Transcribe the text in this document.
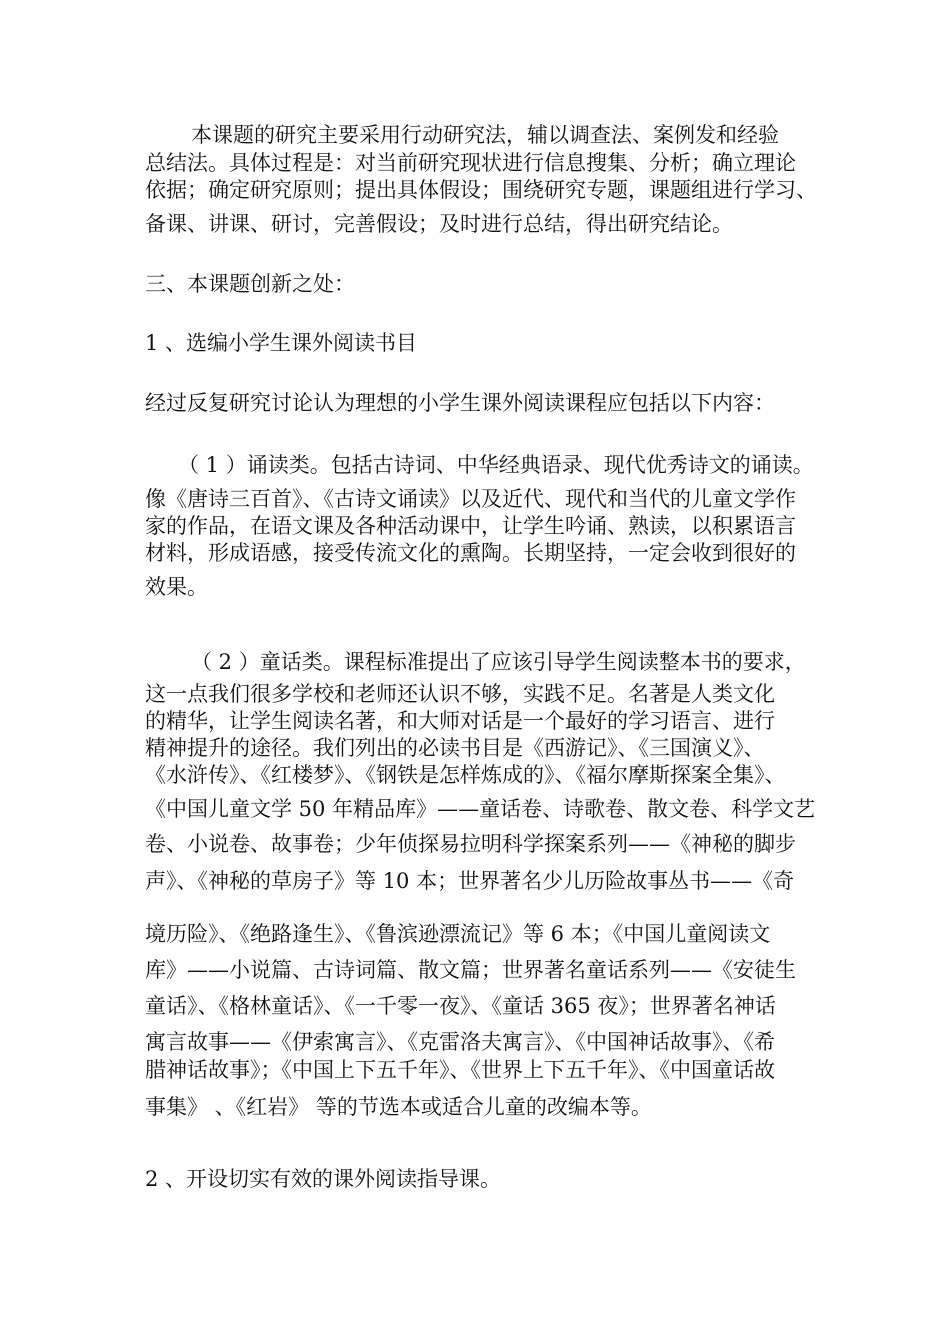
本课题的研究主要采用行动研究法，辅以调查法、案例发和经验
总结法。具体过程是：对当前研究现状进行信息搜集、分析；确立理论
依据；确定研究原则；提出具体假设；围绕研究专题，课题组进行学习、
备课、讲课、研讨，完善假设；及时进行总结，得出研究结论。
三、本课题创新之处：
1 、选编小学生课外阅读书目
经过反复研究讨论认为理想的小学生课外阅读课程应包括以下内容：
（ 1 ）诵读类。包括古诗词、中华经典语录、现代优秀诗文的诵读。
像《唐诗三百首》、《古诗文诵读》以及近代、现代和当代的儿童文学作
家的作品，在语文课及各种活动课中，让学生吟诵、熟读，以积累语言
材料，形成语感，接受传流文化的熏陶。长期坚持，一定会收到很好的
效果。
（ 2 ）童话类。课程标准提出了应该引导学生阅读整本书的要求，
这一点我们很多学校和老师还认识不够，实践不足。名著是人类文化
的精华，让学生阅读名著，和大师对话是一个最好的学习语言、进行
精神提升的途径。我们列出的必读书目是《西游记》、《三国演义》、
《水浒传》、《红楼梦》、《钢铁是怎样炼成的》、《福尔摩斯探案全集》、
《中国儿童文学 50 年精品库》——童话卷、诗歌卷、散文卷、科学文艺
卷、小说卷、故事卷；少年侦探易拉明科学探案系列——《神秘的脚步
声》、《神秘的草房子》等 10 本；世界著名少儿历险故事丛书——《奇
境历险》、《绝路逢生》、《鲁滨逊漂流记》等 6 本；《中国儿童阅读文
库》——小说篇、古诗词篇、散文篇；世界著名童话系列——《安徒生
童话》、《格林童话》、《一千零一夜》、《童话 365 夜》；世界著名神话
寓言故事——《伊索寓言》、《克雷洛夫寓言》、《中国神话故事》、《希
腊神话故事》；《中国上下五千年》、《世界上下五千年》、《中国童话故
事集》 、《红岩》 等的节选本或适合儿童的改编本等。
2 、开设切实有效的课外阅读指导课。
